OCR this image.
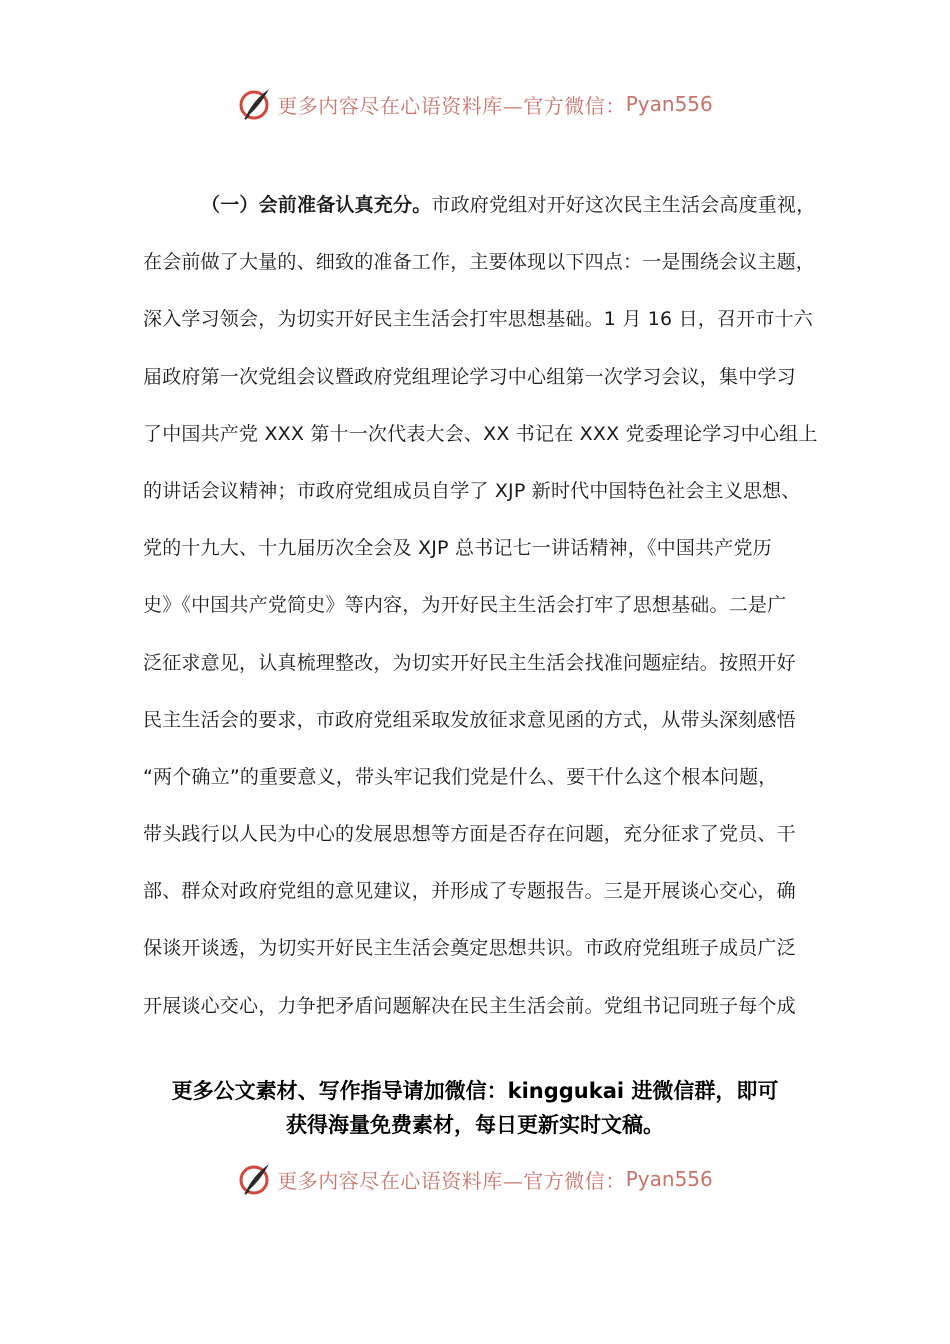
更多内容尽在心语资料库—官方微信： Pyan556
（一）会前准备认真充分。市政府党组对开好这次民主生活会高度重视，
在会前做了大量的、细致的准备工作，主要体现以下四点：一是围绕会议主题，
深入学习领会，为切实开好民主生活会打牢思想基础。1 月 16 日，召开市十六
届政府第一次党组会议暨政府党组理论学习中心组第一次学习会议，集中学习
了中国共产党 XXX 第十一次代表大会、XX 书记在 XXX 党委理论学习中心组上
的讲话会议精神；市政府党组成员自学了 XJP 新时代中国特色社会主义思想、
党的十九大、十九届历次全会及 XJP 总书记七一讲话精神，《中国共产党历
史》《中国共产党简史》等内容，为开好民主生活会打牢了思想基础。二是广
泛征求意见，认真梳理整改，为切实开好民主生活会找准问题症结。按照开好
民主生活会的要求，市政府党组采取发放征求意见函的方式，从带头深刻感悟
“两个确立”的重要意义，带头牢记我们党是什么、要干什么这个根本问题，
带头践行以人民为中心的发展思想等方面是否存在问题，充分征求了党员、干
部、群众对政府党组的意见建议，并形成了专题报告。三是开展谈心交心，确
保谈开谈透，为切实开好民主生活会奠定思想共识。市政府党组班子成员广泛
开展谈心交心，力争把矛盾问题解决在民主生活会前。党组书记同班子每个成
更多公文素材、写作指导请加微信：kinggukai 进微信群，即可
获得海量免费素材，每日更新实时文稿。
更多内容尽在心语资料库—官方微信： Pyan556
